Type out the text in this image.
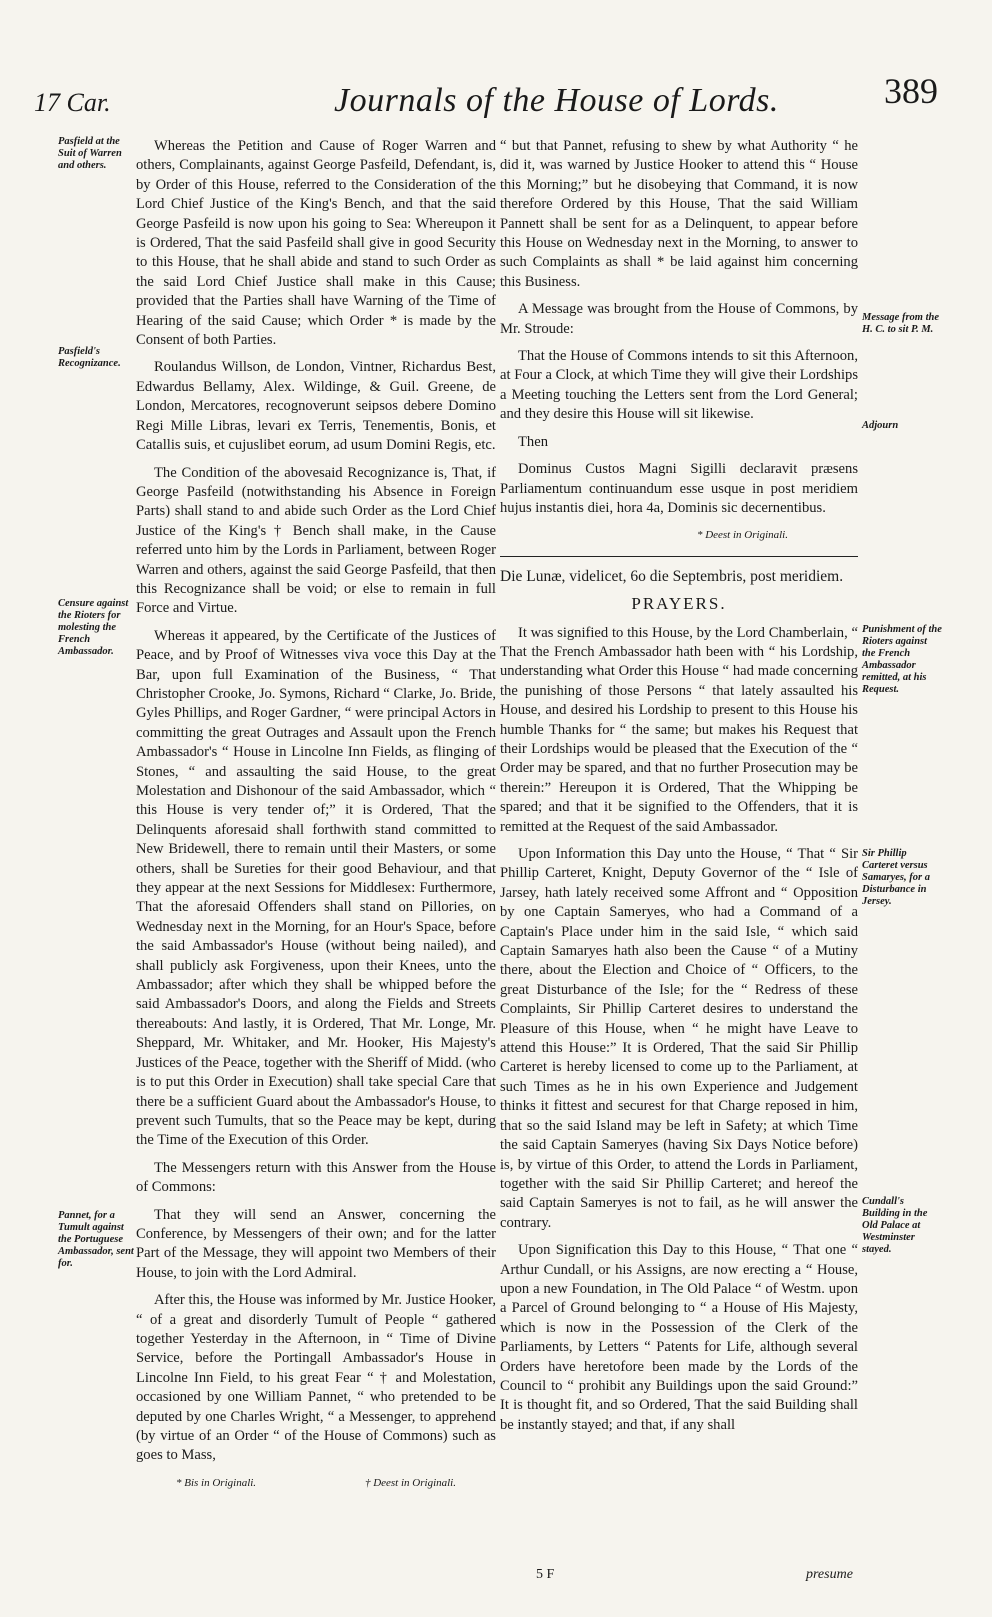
17 Car.	Journals of the House of Lords.	389
Pasfield at the Suit of Warren and others.
Pasfield's Recognizance.
Censure against the Rioters for molesting the French Ambassador.
Pannet, for a Tumult against the Portuguese Ambassador, sent for.
Message from the H. C. to sit P. M.
Adjourn
Punishment of the Rioters against the French Ambassador remitted, at his Request.
Sir Phillip Carteret versus Samaryes, for a Disturbance in Jersey.
Cundall's Building in the Old Palace at Westminster stayed.

Whereas the Petition and Cause of Roger Warren and others, Complainants, against George Pasfeild, Defendant, is, by Order of this House, referred to the Consideration of the Lord Chief Justice of the King's Bench, and that the said George Pasfeild is now upon his going to Sea: Whereupon it is Ordered, That the said Pasfeild shall give in good Security to this House, that he shall abide and stand to such Order as the said Lord Chief Justice shall make in this Cause; provided that the Parties shall have Warning of the Time of Hearing of the said Cause; which Order * is made by the Consent of both Parties.

Roulandus Willson, de London, Vintner, Richardus Best, Edwardus Bellamy, Alex. Wildinge, & Guil. Greene, de London, Mercatores, recognoverunt seipsos debere Domino Regi Mille Libras, levari ex Terris, Tenementis, Bonis, et Catallis suis, et cujuslibet eorum, ad usum Domini Regis, etc.

The Condition of the abovesaid Recognizance is, That, if George Pasfeild (notwithstanding his Absence in Foreign Parts) shall stand to and abide such Order as the Lord Chief Justice of the King's † Bench shall make, in the Cause referred unto him by the Lords in Parliament, between Roger Warren and others, against the said George Pasfeild, that then this Recognizance shall be void; or else to remain in full Force and Virtue.

Whereas it appeared, by the Certificate of the Justices of Peace, and by Proof of Witnesses viva voce this Day at the Bar, upon full Examination of the Business, “ That Christopher Crooke, Jo. Symons, Richard “ Clarke, Jo. Bride, Gyles Phillips, and Roger Gardner, “ were principal Actors in committing the great Outrages and Assault upon the French Ambassador's “ House in Lincolne Inn Fields, as flinging of Stones, “ and assaulting the said House, to the great Molestation and Dishonour of the said Ambassador, which “ this House is very tender of;” it is Ordered, That the Delinquents aforesaid shall forthwith stand committed to New Bridewell, there to remain until their Masters, or some others, shall be Sureties for their good Behaviour, and that they appear at the next Sessions for Middlesex: Furthermore, That the aforesaid Offenders shall stand on Pillories, on Wednesday next in the Morning, for an Hour's Space, before the said Ambassador's House (without being nailed), and shall publicly ask Forgiveness, upon their Knees, unto the Ambassador; after which they shall be whipped before the said Ambassador's Doors, and along the Fields and Streets thereabouts: And lastly, it is Ordered, That Mr. Longe, Mr. Sheppard, Mr. Whitaker, and Mr. Hooker, His Majesty's Justices of the Peace, together with the Sheriff of Midd. (who is to put this Order in Execution) shall take special Care that there be a sufficient Guard about the Ambassador's House, to prevent such Tumults, that so the Peace may be kept, during the Time of the Execution of this Order.

The Messengers return with this Answer from the House of Commons:

That they will send an Answer, concerning the Conference, by Messengers of their own; and for the latter Part of the Message, they will appoint two Members of their House, to join with the Lord Admiral.

After this, the House was informed by Mr. Justice Hooker, “ of a great and disorderly Tumult of People “ gathered together Yesterday in the Afternoon, in “ Time of Divine Service, before the Portingall Ambassador's House in Lincolne Inn Field, to his great Fear “ † and Molestation, occasioned by one William Pannet, “ who pretended to be deputed by one Charles Wright, “ a Messenger, to apprehend (by virtue of an Order “ of the House of Commons) such as goes to Mass,

* Bis in Originali.	† Deest in Originali.

“ but that Pannet, refusing to shew by what Authority “ he did it, was warned by Justice Hooker to attend this “ House this Morning;” but he disobeying that Command, it is now therefore Ordered by this House, That the said William Pannett shall be sent for as a Delinquent, to appear before this House on Wednesday next in the Morning, to answer to such Complaints as shall * be laid against him concerning this Business.

A Message was brought from the House of Commons, by Mr. Stroude:

That the House of Commons intends to sit this Afternoon, at Four a Clock, at which Time they will give their Lordships a Meeting touching the Letters sent from the Lord General; and they desire this House will sit likewise.

Then

Dominus Custos Magni Sigilli declaravit præsens Parliamentum continuandum esse usque in post meridiem hujus instantis diei, hora 4a, Dominis sic decernentibus.

* Deest in Originali.

Die Lunæ, videlicet, 6o die Septembris, post meridiem.

PRAYERS.

It was signified to this House, by the Lord Chamberlain, “ That the French Ambassador hath been with “ his Lordship, understanding what Order this House “ had made concerning the punishing of those Persons “ that lately assaulted his House, and desired his Lordship to present to this House his humble Thanks for “ the same; but makes his Request that their Lordships would be pleased that the Execution of the “ Order may be spared, and that no further Prosecution may be therein:” Hereupon it is Ordered, That the Whipping be spared; and that it be signified to the Offenders, that it is remitted at the Request of the said Ambassador.

Upon Information this Day unto the House, “ That “ Sir Phillip Carteret, Knight, Deputy Governor of the “ Isle of Jarsey, hath lately received some Affront and “ Opposition by one Captain Sameryes, who had a Command of a Captain's Place under him in the said Isle, “ which said Captain Samaryes hath also been the Cause “ of a Mutiny there, about the Election and Choice of “ Officers, to the great Disturbance of the Isle; for the “ Redress of these Complaints, Sir Phillip Carteret desires to understand the Pleasure of this House, when “ he might have Leave to attend this House:” It is Ordered, That the said Sir Phillip Carteret is hereby licensed to come up to the Parliament, at such Times as he in his own Experience and Judgement thinks it fittest and securest for that Charge reposed in him, that so the said Island may be left in Safety; at which Time the said Captain Sameryes (having Six Days Notice before) is, by virtue of this Order, to attend the Lords in Parliament, together with the said Sir Phillip Carteret; and hereof the said Captain Sameryes is not to fail, as he will answer the contrary.

Upon Signification this Day to this House, “ That one “ Arthur Cundall, or his Assigns, are now erecting a “ House, upon a new Foundation, in The Old Palace “ of Westm. upon a Parcel of Ground belonging to “ a House of His Majesty, which is now in the Possession of the Clerk of the Parliaments, by Letters “ Patents for Life, although several Orders have heretofore been made by the Lords of the Council to “ prohibit any Buildings upon the said Ground:” It is thought fit, and so Ordered, That the said Building shall be instantly stayed; and that, if any shall

5 F	presume
